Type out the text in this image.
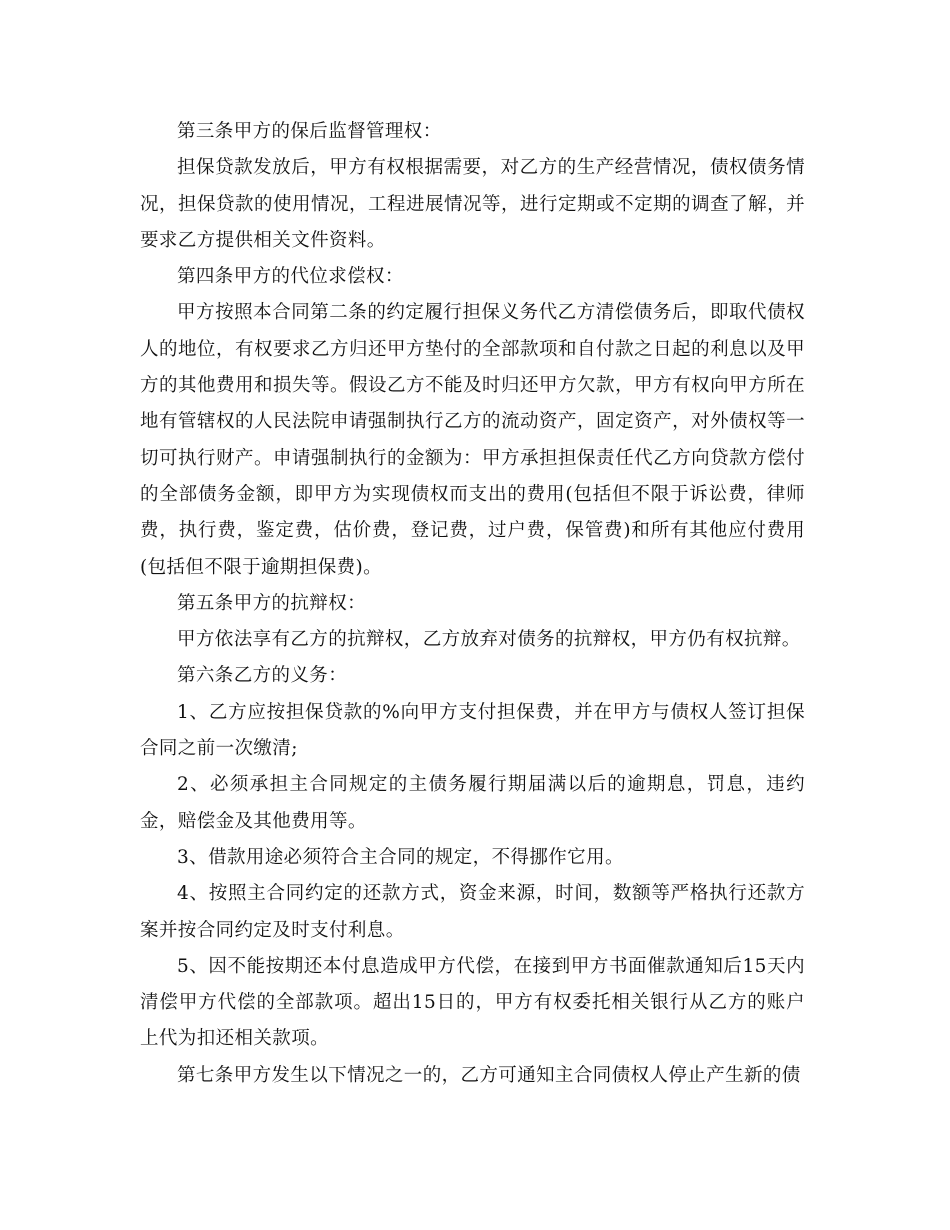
第三条甲方的保后监督管理权：

担保贷款发放后，甲方有权根据需要，对乙方的生产经营情况，债权债务情况，担保贷款的使用情况，工程进展情况等，进行定期或不定期的调查了解，并要求乙方提供相关文件资料。

第四条甲方的代位求偿权：

甲方按照本合同第二条的约定履行担保义务代乙方清偿债务后，即取代债权人的地位，有权要求乙方归还甲方垫付的全部款项和自付款之日起的利息以及甲方的其他费用和损失等。假设乙方不能及时归还甲方欠款，甲方有权向甲方所在地有管辖权的人民法院申请强制执行乙方的流动资产，固定资产，对外债权等一切可执行财产。申请强制执行的金额为：甲方承担担保责任代乙方向贷款方偿付的全部债务金额，即甲方为实现债权而支出的费用(包括但不限于诉讼费，律师费，执行费，鉴定费，估价费，登记费，过户费，保管费)和所有其他应付费用(包括但不限于逾期担保费)。

第五条甲方的抗辩权：

甲方依法享有乙方的抗辩权，乙方放弃对债务的抗辩权，甲方仍有权抗辩。

第六条乙方的义务：

1、乙方应按担保贷款的%向甲方支付担保费，并在甲方与债权人签订担保合同之前一次缴清;

2、必须承担主合同规定的主债务履行期届满以后的逾期息，罚息，违约金，赔偿金及其他费用等。

3、借款用途必须符合主合同的规定，不得挪作它用。

4、按照主合同约定的还款方式，资金来源，时间，数额等严格执行还款方案并按合同约定及时支付利息。

5、因不能按期还本付息造成甲方代偿，在接到甲方书面催款通知后15天内清偿甲方代偿的全部款项。超出15日的，甲方有权委托相关银行从乙方的账户上代为扣还相关款项。

第七条甲方发生以下情况之一的，乙方可通知主合同债权人停止产生新的债
